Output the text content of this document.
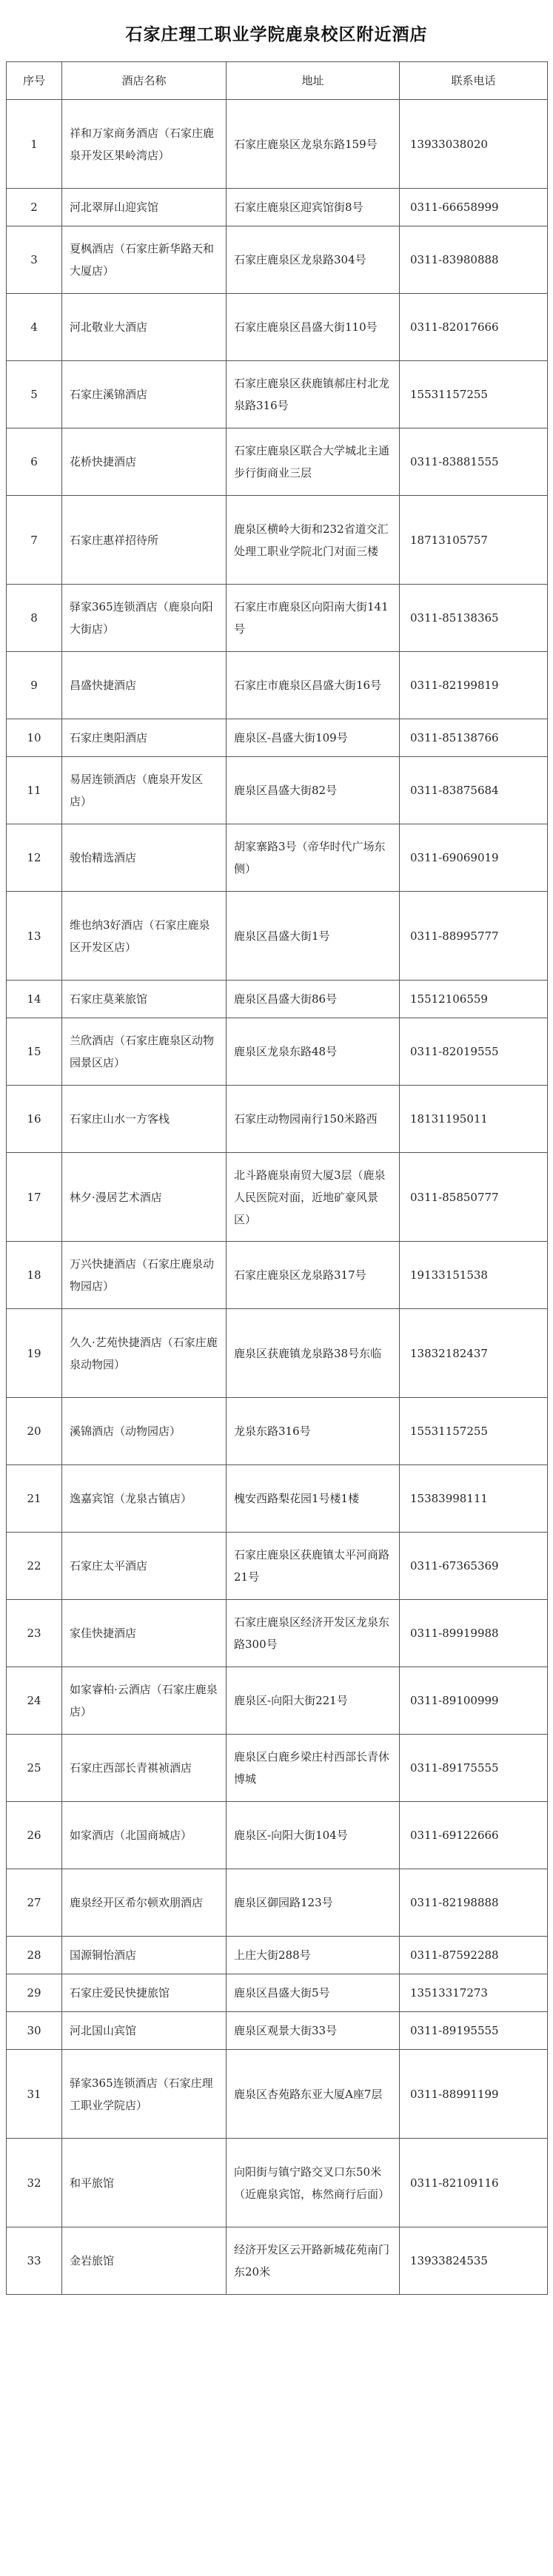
石家庄理工职业学院鹿泉校区附近酒店
序号	酒店名称	地址	联系电话
1	祥和万家商务酒店（石家庄鹿泉开发区果岭湾店）	石家庄鹿泉区龙泉东路159号	13933038020
2	河北翠屏山迎宾馆	石家庄鹿泉区迎宾馆街8号	0311-66658999
3	夏枫酒店（石家庄新华路天和大厦店）	石家庄鹿泉区龙泉路304号	0311-83980888
4	河北敬业大酒店	石家庄鹿泉区昌盛大街110号	0311-82017666
5	石家庄溪锦酒店	石家庄鹿泉区获鹿镇郝庄村北龙泉路316号	15531157255
6	花桥快捷酒店	石家庄鹿泉区联合大学城北主通步行街商业三层	0311-83881555
7	石家庄惠祥招待所	鹿泉区横岭大街和232省道交汇处理工职业学院北门对面三楼	18713105757
8	驿家365连锁酒店（鹿泉向阳大街店）	石家庄市鹿泉区向阳南大街141号	0311-85138365
9	昌盛快捷酒店	石家庄市鹿泉区昌盛大街16号	0311-82199819
10	石家庄奥阳酒店	鹿泉区-昌盛大街109号	0311-85138766
11	易居连锁酒店（鹿泉开发区店）	鹿泉区昌盛大街82号	0311-83875684
12	骏怡精选酒店	胡家寨路3号（帝华时代广场东侧）	0311-69069019
13	维也纳3好酒店（石家庄鹿泉区开发区店）	鹿泉区昌盛大街1号	0311-88995777
14	石家庄莫莱旅馆	鹿泉区昌盛大街86号	15512106559
15	兰欣酒店（石家庄鹿泉区动物园景区店）	鹿泉区龙泉东路48号	0311-82019555
16	石家庄山水一方客栈	石家庄动物园南行150米路西	18131195011
17	林夕·漫居艺术酒店	北斗路鹿泉南贸大厦3层（鹿泉人民医院对面，近地矿豪风景区）	0311-85850777
18	万兴快捷酒店（石家庄鹿泉动物园店）	石家庄鹿泉区龙泉路317号	19133151538
19	久久·艺苑快捷酒店（石家庄鹿泉动物园）	鹿泉区获鹿镇龙泉路38号东临	13832182437
20	溪锦酒店（动物园店）	龙泉东路316号	15531157255
21	逸嘉宾馆（龙泉古镇店）	槐安西路梨花园1号楼1楼	15383998111
22	石家庄太平酒店	石家庄鹿泉区获鹿镇太平河商路21号	0311-67365369
23	家佳快捷酒店	石家庄鹿泉区经济开发区龙泉东路300号	0311-89919988
24	如家睿柏·云酒店（石家庄鹿泉店）	鹿泉区-向阳大街221号	0311-89100999
25	石家庄西部长青褀祯酒店	鹿泉区白鹿乡梁庄村西部长青休博城	0311-89175555
26	如家酒店（北国商城店）	鹿泉区-向阳大街104号	0311-69122666
27	鹿泉经开区希尔顿欢朋酒店	鹿泉区御园路123号	0311-82198888
28	国源铜怡酒店	上庄大街288号	0311-87592288
29	石家庄爱民快捷旅馆	鹿泉区昌盛大街5号	13513317273
30	河北国山宾馆	鹿泉区观景大街33号	0311-89195555
31	驿家365连锁酒店（石家庄理工职业学院店）	鹿泉区杏苑路东亚大厦A座7层	0311-88991199
32	和平旅馆	向阳街与镇宁路交叉口东50米（近鹿泉宾馆，栋然商行后面）	0311-82109116
33	金岩旅馆	经济开发区云开路新城花苑南门东20米	13933824535
